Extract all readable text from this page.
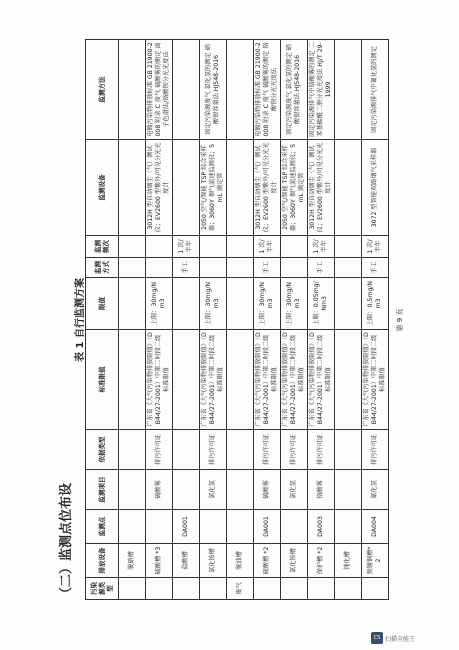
（二）监测点位布设
表 1 自行监测方案
污染源类型	排放设备	监测点	监测项目	依据类型	标准限值	限值	监测方式	监测频次	监测设备	监测方法
	脱硝槽									
	硫酸槽 *3		硫酸雾	排污许可证	广东省《大气污染物排放限值》（DB44/27-2001）中第二时段二级标准限值	上限：30mg/Nm3			3012H 型自动烟尘（气）测试仪；EV2600 型紫外/可见分光光度计	电镀污染物排放标准 GB 21900-2008 附录 C 废气 硫酸雾的测定 离子色谱法/铬酸钡分光光度法
	盐酸槽	DA001					手工	1 次/半年		
	氯化铵槽		氯化氢	排污许可证	广东省《大气污染物排放限值》（DB44/27-2001）中第二时段二级标准限值	上限：30mg/Nm3			2050 空气/智能 TSP 综合采样器；3060Y 烟气流速监测仪；5mL 滴定管	固定污染源废气 氯化氢的测定 硝酸银容量法 HJ548-2016
废气	脱油槽									
	硫酸槽 *2	DA001	硫酸雾	排污许可证	广东省《大气污染物排放限值》（DB44/27-2001）中第二时段二级标准限值	上限：30mg/Nm3	手工	1 次/半年	3012H 型自动烟尘（气）测试仪；EV2600 型紫外/可见分光光度计	电镀污染物排放标准 GB 21900-2008 附录 C 废气 硫酸雾的测定 铬酸钡分光光度法
	氯化铵槽		氯化氢	排污许可证	广东省《大气污染物排放限值》（DB44/27-2001）中第二时段二级标准限值	上限：30mg/Nm3			2050 空气/智能 TSP 综合采样器；3060Y 烟气流速监测仪；5mL 滴定管	固定污染源废气 氯化氢的测定 硝酸银容量法 HJ548-2016
	保护槽 *2	DA003	铬酸雾	排污许可证	广东省《大气污染物排放限值》（DB44/27-2001）中第二时段二级标准限值	上限：0.05mg/Nm3	手工	1 次/半年	3012H 型自动烟尘（气）测试仪；EV2600 型紫外/可见分光光度计	固定污染源排气中铬酸雾的测定 二苯基碳酰二肼分光光度法 HJ/T 29-1999
	钝化槽									
	预镀铜槽*2	DA004	氰化氢	排污许可证	广东省《大气污染物排放限值》（DB44/27-2001）中第二时段二级标准限值	上限：0.5mg/Nm3	手工	1 次/半年	3072 型智能双路烟气采样器	固定污染源排气中氰化氢的测定
第 9 页
CS 扫描全能王
